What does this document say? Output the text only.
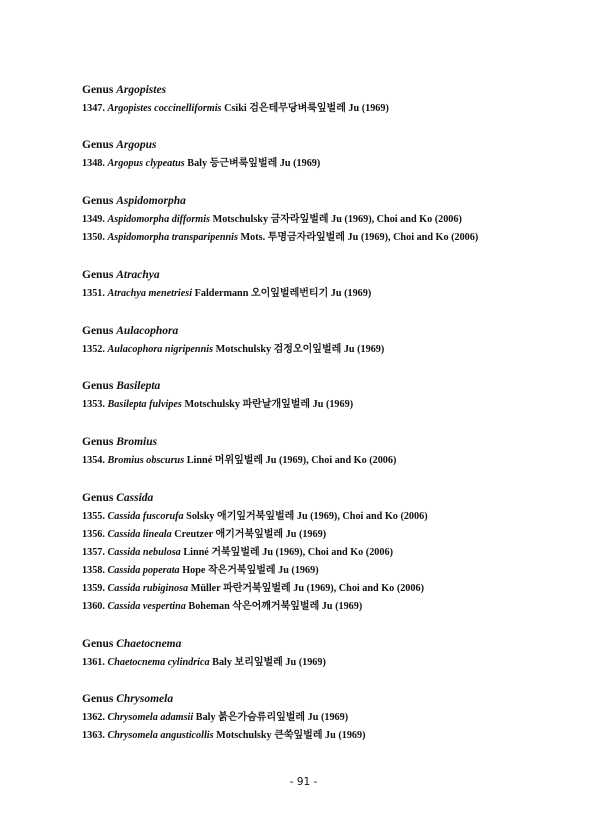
Genus Argopistes
1347. Argopistes coccinelliformis Csiki 검은테무당벼룩잎벌레 Ju (1969)
Genus Argopus
1348. Argopus clypeatus Baly 등근벼룩잎벌레 Ju (1969)
Genus Aspidomorpha
1349. Aspidomorpha difformis Motschulsky 금자라잎벌레 Ju (1969), Choi and Ko (2006)
1350. Aspidomorpha transparipennis Mots. 투명금자라잎벌레 Ju (1969), Choi and Ko (2006)
Genus Atrachya
1351. Atrachya menetriesi Faldermann 오이잎벌레번티기 Ju (1969)
Genus Aulacophora
1352. Aulacophora nigripennis Motschulsky 검정오이잎벌레 Ju (1969)
Genus Basilepta
1353. Basilepta fulvipes Motschulsky 파란날개잎벌레 Ju (1969)
Genus Bromius
1354. Bromius obscurus Linné 머위잎벌레 Ju (1969), Choi and Ko (2006)
Genus Cassida
1355. Cassida fuscorufa Solsky 애기잎거북잎벌레 Ju (1969), Choi and Ko (2006)
1356. Cassida lineala Creutzer 애기거북잎벌레 Ju (1969)
1357. Cassida nebulosa Linné 거북잎벌레 Ju (1969), Choi and Ko (2006)
1358. Cassida poperata Hope 작은거북잎벌레 Ju (1969)
1359. Cassida rubiginosa Müller 파란거북잎벌레 Ju (1969), Choi and Ko (2006)
1360. Cassida vespertina Boheman 삭은어깨거북잎벌레 Ju (1969)
Genus Chaetocnema
1361. Chaetocnema cylindrica Baly 보리잎벌레 Ju (1969)
Genus Chrysomela
1362. Chrysomela adamsii Baly 붉은가슴류리잎벌레 Ju (1969)
1363. Chrysomela angusticollis Motschulsky 큰쑥잎벌레 Ju (1969)
- 91 -
